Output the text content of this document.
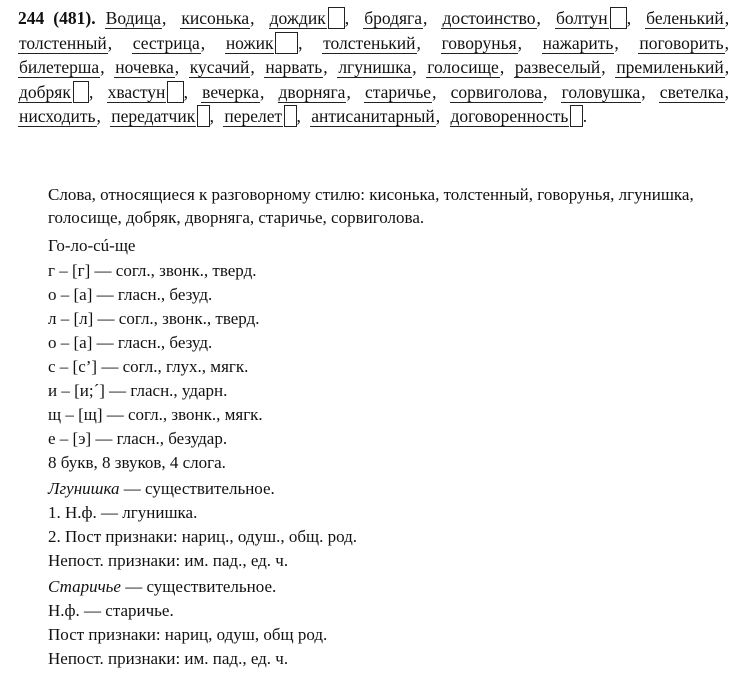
244 (481). Водица, кисонька, дождик , бродяга, достоинство, болтун , беленький, толстенный, сестрица, ножик , толстенький, говорунья, нажарить, поговорить, билетерша, ночевка, кусачий, нарвать, лгунишка, голосище, развеселый, премиленький, добряк , хвастун , вечерка, дворняга, старичье, сорвиголова, головушка, светелка, нисходить, передатчик , перелет , антисанитарный, договоренность .
Слова, относящиеся к разговорному стилю: кисонька, толстенный, говорунья, лгунишка, голосище, добряк, дворняга, старичье, сорвиголова.
Го-ло-сú-ще
г – [г] — согл., звонк., тверд.
о – [а] — гласн., безуд.
л – [л] — согл., звонк., тверд.
о – [а] — гласн., безуд.
с – [с’] — согл., глух., мягк.
и – [и;´] — гласн., ударн.
щ – [щ] — согл., звонк., мягк.
е – [э] — гласн., безудар.
8 букв, 8 звуков, 4 слога.
Лгунишка — существительное.
1. Н.ф. — лгунишка.
2. Пост признаки: нариц., одуш., общ. род.
Непост. признаки: им. пад., ед. ч.
Старичье — существительное.
Н.ф. — старичье.
Пост признаки: нариц, одуш, общ род.
Непост. признаки: им. пад., ед. ч.
